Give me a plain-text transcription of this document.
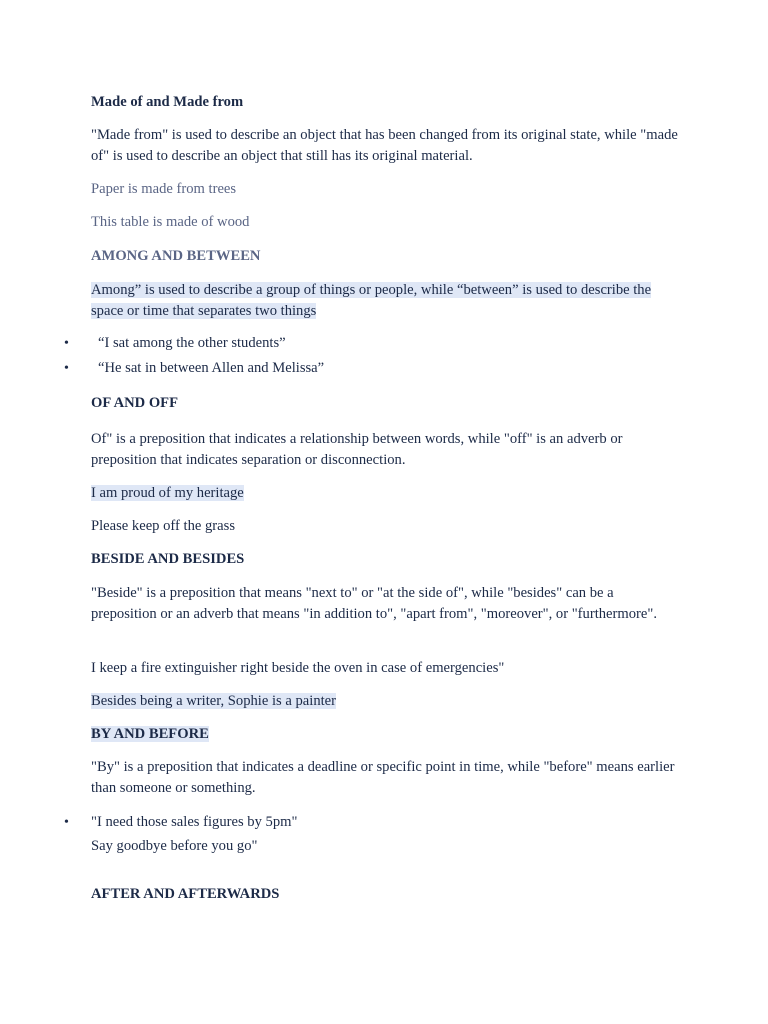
Made of and Made from

"Made from" is used to describe an object that has been changed from its original state, while "made of" is used to describe an object that still has its original material.

Paper is made from trees

This table is made of wood

AMONG AND BETWEEN

Among” is used to describe a group of things or people, while “between” is used to describe the space or time that separates two things

• “I sat among the other students”
• “He sat in between Allen and Melissa”

OF AND OFF

Of" is a preposition that indicates a relationship between words, while "off" is an adverb or preposition that indicates separation or disconnection.

I am proud of my heritage

Please keep off the grass

BESIDE AND BESIDES

"Beside" is a preposition that means "next to" or "at the side of", while "besides" can be a preposition or an adverb that means "in addition to", "apart from", "moreover", or "furthermore".

I keep a fire extinguisher right beside the oven in case of emergencies"

Besides being a writer, Sophie is a painter

BY AND BEFORE

"By" is a preposition that indicates a deadline or specific point in time, while "before" means earlier than someone or something.

• "I need those sales figures by 5pm"
Say goodbye before you go"

AFTER AND AFTERWARDS
